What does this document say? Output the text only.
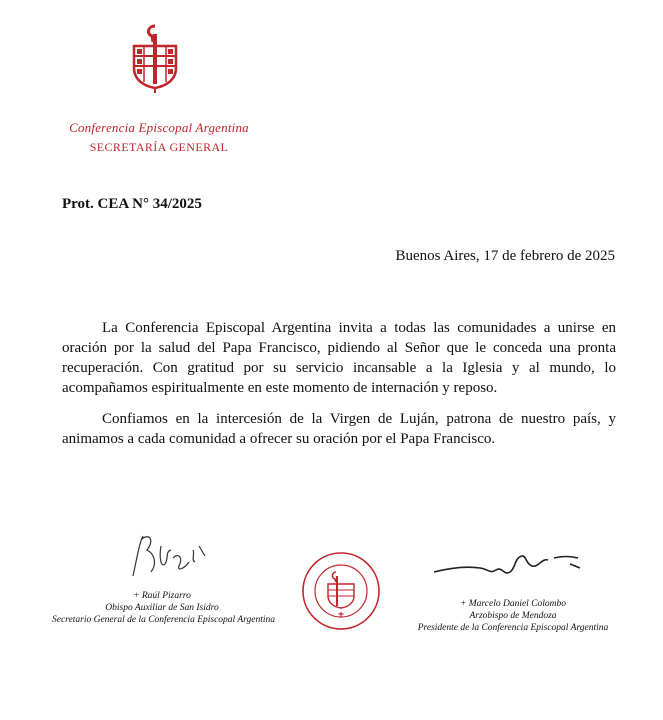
Conferencia Episcopal Argentina
SECRETARÍA GENERAL
Prot. CEA N° 34/2025
Buenos Aires, 17 de febrero de 2025

La Conferencia Episcopal Argentina invita a todas las comunidades a unirse en oración por la salud del Papa Francisco, pidiendo al Señor que le conceda una pronta recuperación. Con gratitud por su servicio incansable a la Iglesia y al mundo, lo acompañamos espiritualmente en este momento de internación y reposo.

Confiamos en la intercesión de la Virgen de Luján, patrona de nuestro país, y animamos a cada comunidad a ofrecer su oración por el Papa Francisco.

+ Raúl Pizarro
Obispo Auxiliar de San Isidro
Secretario General de la Conferencia Episcopal Argentina
+ Marcelo Daniel Colombo
Arzobispo de Mendoza
Presidente de la Conferencia Episcopal Argentina
